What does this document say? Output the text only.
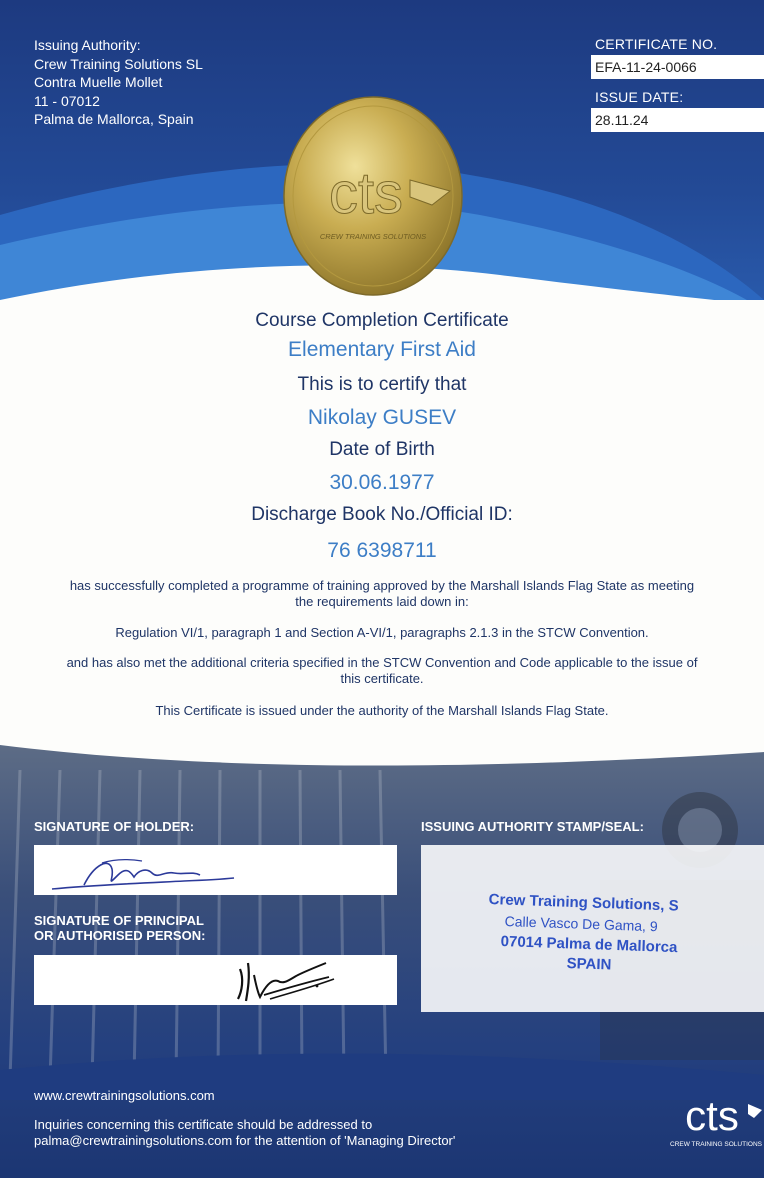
Issuing Authority:
Crew Training Solutions SL
Contra Muelle Mollet
11 - 07012
Palma de Mallorca, Spain
CERTIFICATE NO.
EFA-11-24-0066
ISSUE DATE:
28.11.24
cts
CREW TRAINING SOLUTIONS
Course Completion Certificate
Elementary First Aid
This is to certify that
Nikolay GUSEV
Date of Birth
30.06.1977
Discharge Book No./Official ID:
76 6398711
has successfully completed a programme of training approved by the Marshall Islands Flag State as meeting the requirements laid down in:
Regulation VI/1, paragraph 1 and Section A-VI/1, paragraphs 2.1.3 in the STCW Convention.
and has also met the additional criteria specified in the STCW Convention and Code applicable to the issue of this certificate.
This Certificate is issued under the authority of the Marshall Islands Flag State.
SIGNATURE OF HOLDER:
SIGNATURE OF PRINCIPAL
OR AUTHORISED PERSON:
ISSUING AUTHORITY STAMP/SEAL:
Crew Training Solutions, S
Calle Vasco De Gama, 9
07014 Palma de Mallorca
SPAIN
www.crewtrainingsolutions.com
Inquiries concerning this certificate should be addressed to
palma@crewtrainingsolutions.com for the attention of 'Managing Director'
cts
CREW TRAINING SOLUTIONS
